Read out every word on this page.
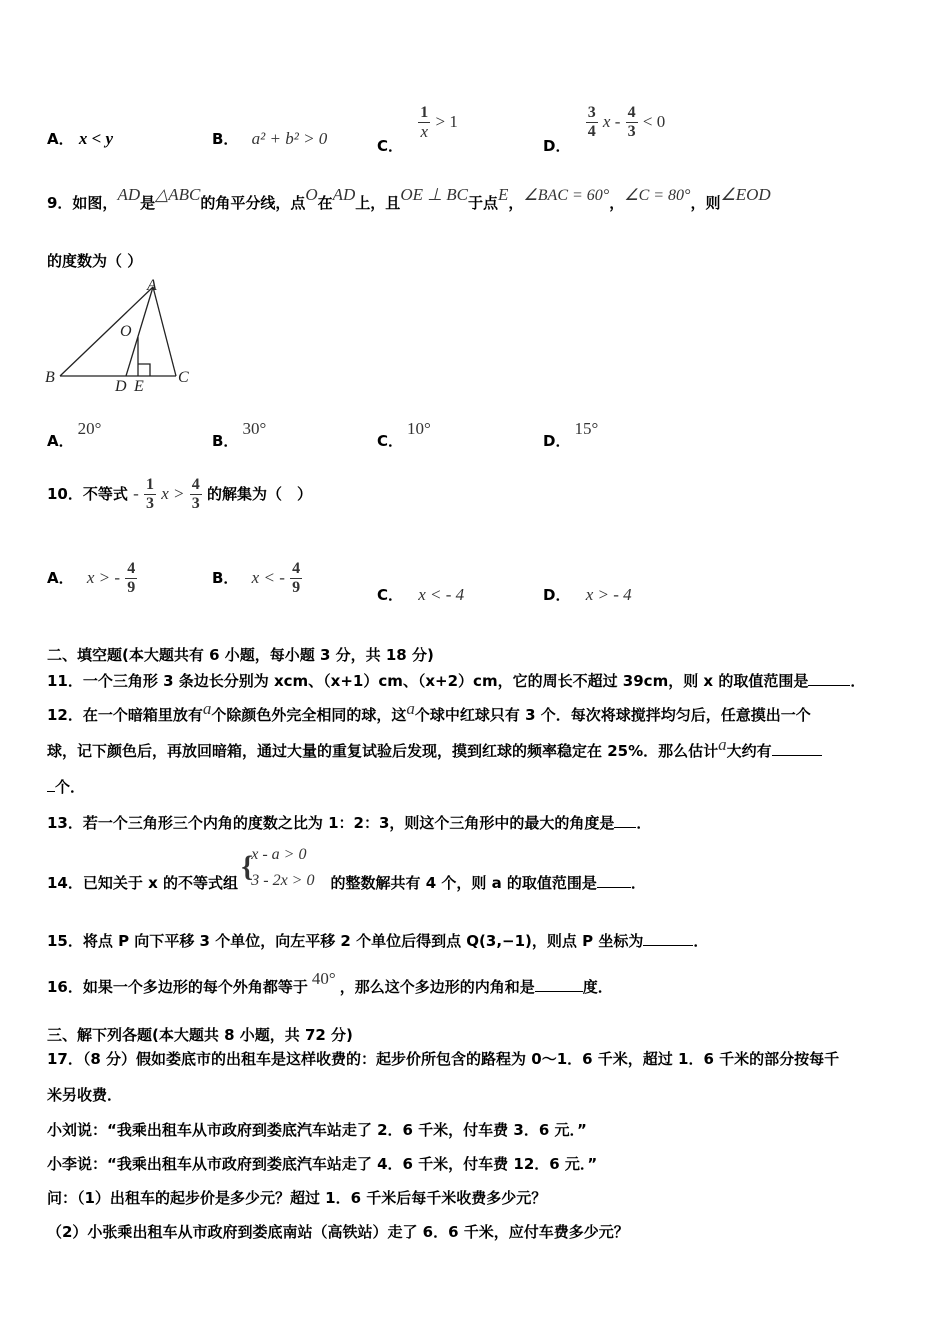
A． x < y	B． a² + b² > 0	C．
$\frac{1}{x} > 1$
D．
$\frac{3}{4}$ $x - \frac{4}{3} < 0$
9．如图，AD是△ABC的角平分线，点O在AD上，且OE ⊥ BC于点E，∠BAC = 60°，∠C = 80°，则∠EOD
的度数为（ ）
A
O
B
D E
C
A．20°
B．30°
C．10°
D．15°
10．不等式 - $\frac{1}{3}$ $x > \frac{4}{3}$ 的解集为（　）
A． x > - $\frac{4}{9}$	B． x < - $\frac{4}{9}$	C． x < - 4	D． x > - 4
二、填空题(本大题共有 6 小题，每小题 3 分，共 18 分)
11．一个三角形 3 条边长分别为 xcm、（x+1）cm、（x+2）cm，它的周长不超过 39cm，则 x 的取值范围是	．
12．在一个暗箱里放有a个除颜色外完全相同的球，这a个球中红球只有 3 个．每次将球搅拌均匀后，任意摸出一个
球，记下颜色后，再放回暗箱，通过大量的重复试验后发现，摸到红球的频率稳定在 25%．那么估计a大约有
个．
13．若一个三角形三个内角的度数之比为 1：2：3，则这个三角形中的最大的角度是 ．
14．已知关于 x 的不等式组 {
x - a > 0
3 - 2x > 0 的整数解共有 4 个，则 a 的取值范围是 ．
15．将点 P 向下平移 3 个单位，向左平移 2 个单位后得到点 Q(3,−1)，则点 P 坐标为	．
16．如果一个多边形的每个外角都等于 40° ，那么这个多边形的内角和是	度．
三、解下列各题(本大题共 8 小题，共 72 分)
17．（8 分）假如娄底市的出租车是这样收费的：起步价所包含的路程为 0～1．6 千米，超过 1．6 千米的部分按每千
米另收费．
小刘说：“我乘出租车从市政府到娄底汽车站走了 2．6 千米，付车费 3．6 元．”
小李说：“我乘出租车从市政府到娄底汽车站走了 4．6 千米，付车费 12．6 元．”
问：（1）出租车的起步价是多少元？超过 1．6 千米后每千米收费多少元？
（2）小张乘出租车从市政府到娄底南站（高铁站）走了 6．6 千米，应付车费多少元？
